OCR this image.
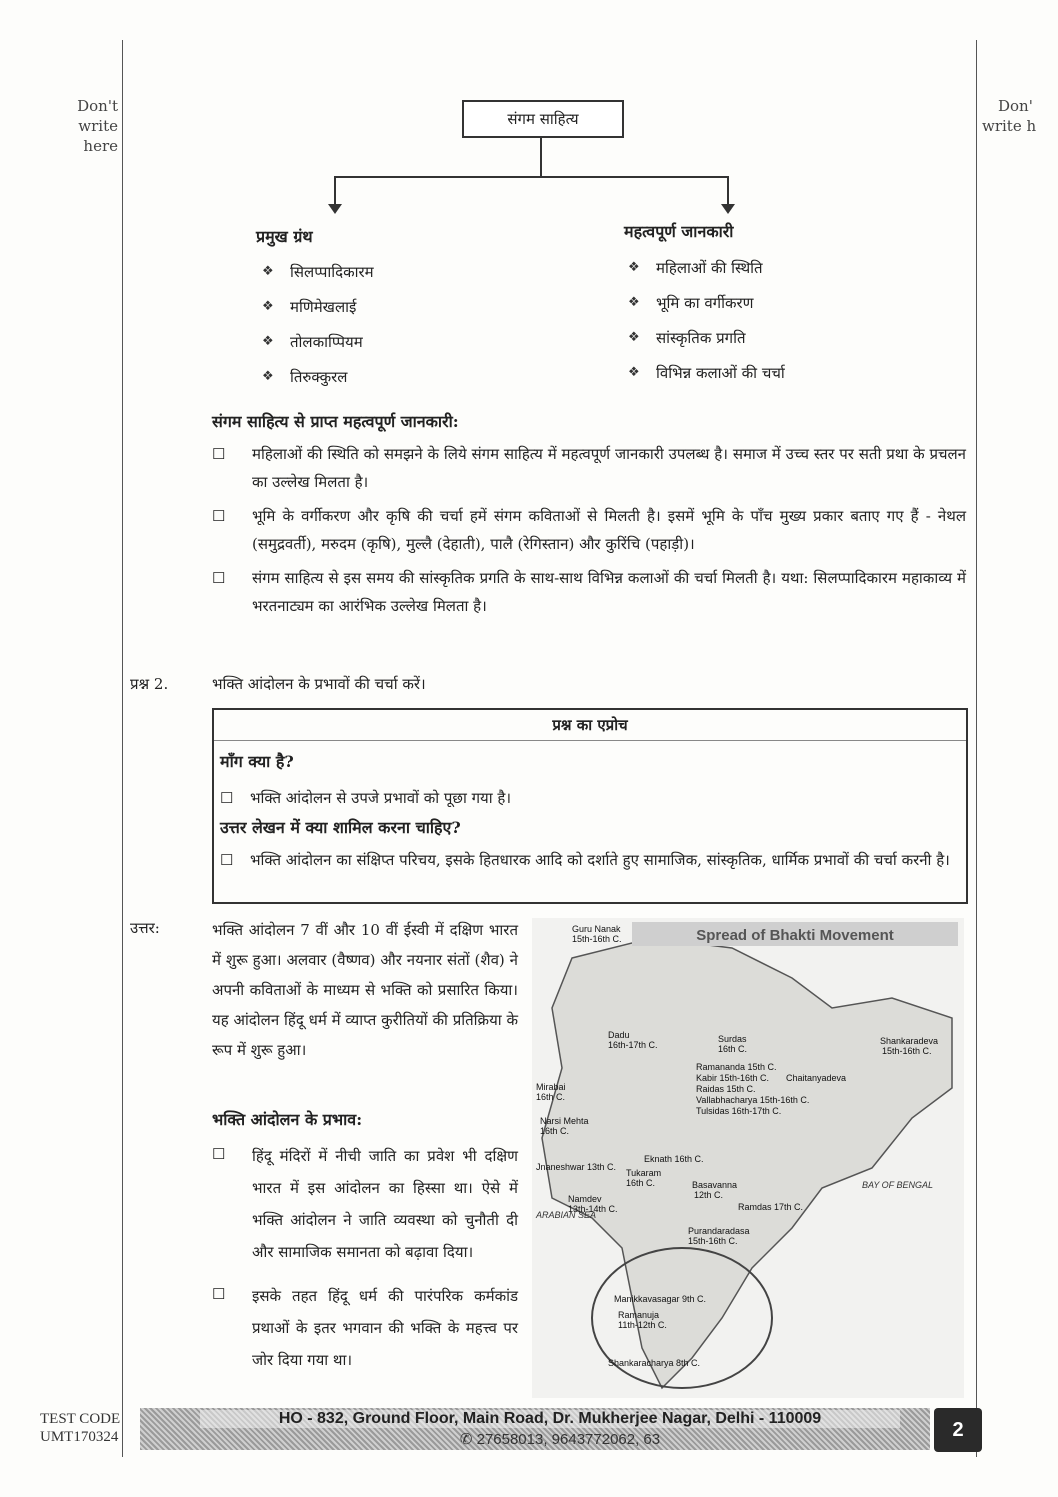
Don't
write here
Don'
write h
संगम साहित्य
प्रमुख ग्रंथ
❖	सिलप्पादिकारम
❖	मणिमेखलाई
❖	तोलकाप्पियम
❖	तिरुक्कुरल
महत्वपूर्ण जानकारी
❖	महिलाओं की स्थिति
❖	भूमि का वर्गीकरण
❖	सांस्कृतिक प्रगति
❖	विभिन्न कलाओं की चर्चा
संगम साहित्य से प्राप्त महत्वपूर्ण जानकारी:
☐	महिलाओं की स्थिति को समझने के लिये संगम साहित्य में महत्वपूर्ण जानकारी उपलब्ध है। समाज में उच्च स्तर पर सती प्रथा के प्रचलन का उल्लेख मिलता है।
☐	भूमि के वर्गीकरण और कृषि की चर्चा हमें संगम कविताओं से मिलती है। इसमें भूमि के पाँच मुख्य प्रकार बताए गए हैं - नेथल (समुद्रवर्ती), मरुदम (कृषि), मुल्लै (देहाती), पालै (रेगिस्तान) और कुरिंचि (पहाड़ी)।
☐	संगम साहित्य से इस समय की सांस्कृतिक प्रगति के साथ-साथ विभिन्न कलाओं की चर्चा मिलती है। यथा: सिलप्पादिकारम महाकाव्य में भरतनाट्यम का आरंभिक उल्लेख मिलता है।
प्रश्न 2.	भक्ति आंदोलन के प्रभावों की चर्चा करें।
प्रश्न का एप्रोच
माँग क्या है?
☐	भक्ति आंदोलन से उपजे प्रभावों को पूछा गया है।
उत्तर लेखन में क्या शामिल करना चाहिए?
☐	भक्ति आंदोलन का संक्षिप्त परिचय, इसके हितधारक आदि को दर्शाते हुए सामाजिक, सांस्कृतिक, धार्मिक प्रभावों की चर्चा करनी है।
उत्तर:	भक्ति आंदोलन 7 वीं और 10 वीं ईस्वी में दक्षिण भारत में शुरू हुआ। अलवार (वैष्णव) और नयनार संतों (शैव) ने अपनी कविताओं के माध्यम से भक्ति को प्रसारित किया। यह आंदोलन हिंदू धर्म में व्याप्त कुरीतियों की प्रतिक्रिया के रूप में शुरू हुआ।
भक्ति आंदोलन के प्रभाव:
☐	हिंदू मंदिरों में नीची जाति का प्रवेश भी दक्षिण भारत में इस आंदोलन का हिस्सा था। ऐसे में भक्ति आंदोलन ने जाति व्यवस्था को चुनौती दी और सामाजिक समानता को बढ़ावा दिया।
☐	इसके तहत हिंदू धर्म की पारंपरिक कर्मकांड प्रथाओं के इतर भगवान की भक्ति के महत्त्व पर जोर दिया गया था।
Spread of Bhakti Movement
Guru Nanak
15th-16th C.
Dadu
16th-17th C.
Surdas
16th C.
Shankaradeva
15th-16th C.
Ramananda 15th C.
Kabir 15th-16th C. Chaitanyadeva
Raidas 15th C.
Vallabhacharya 15th-16th C.
Tulsidas 16th-17th C.
Mirabai
16th C.
Narsi Mehta
16th C.
Eknath 16th C.
Jnaneshwar 13th C.
Tukaram
16th C.
Namdev
13th-14th C.
Basavanna
12th C.
Ramdas 17th C.
Purandaradasa
15th-16th C.
Manikkavasagar 9th C.
Ramanuja
11th-12th C.
Shankaracharya 8th C.
ARABIAN SEA
BAY OF BENGAL
TEST CODE
UMT170324
HO - 832, Ground Floor, Main Road, Dr. Mukherjee Nagar, Delhi - 110009
✆ 27658013, 9643772062, 63	2
